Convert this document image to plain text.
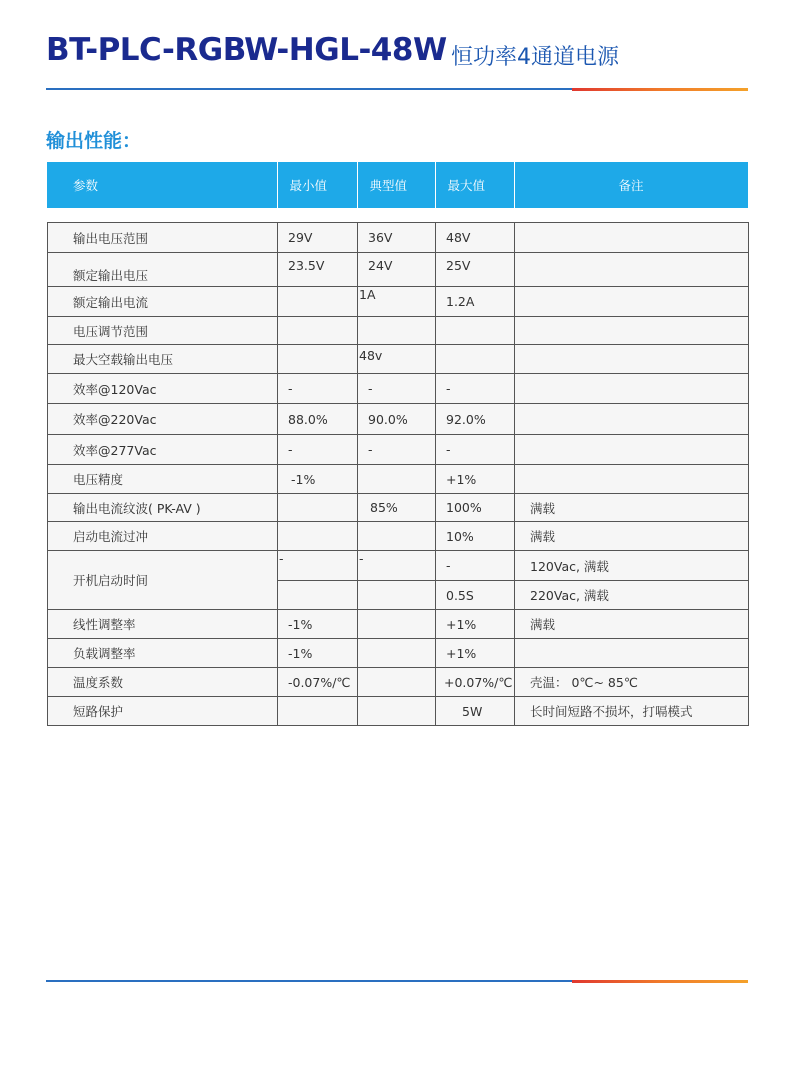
BT-PLC-RGBW-HGL-48W 恒功率4通道电源
输出性能：
参数	最小值	典型值	最大值	备注
输出电压范围	29V	36V	48V	
额定输出电压	23.5V	24V	25V	
额定输出电流		1A	1.2A	
电压调节范围				
最大空载输出电压		48v		
效率@120Vac	-	-	-	
效率@220Vac	88.0%	90.0%	92.0%	
效率@277Vac	-	-	-	
电压精度	-1%		+1%	
输出电流纹波( PK-AV )		85%	100%	满载
启动电流过冲			10%	满载
开机启动时间	-	-	-	120Vac, 满载
			0.5S	220Vac, 满载
线性调整率	-1%		+1%	满载
负载调整率	-1%		+1%	
温度系数	-0.07%/℃		+0.07%/℃	壳温： 0℃~ 85℃
短路保护			5W	长时间短路不损坏，打嗝模式
